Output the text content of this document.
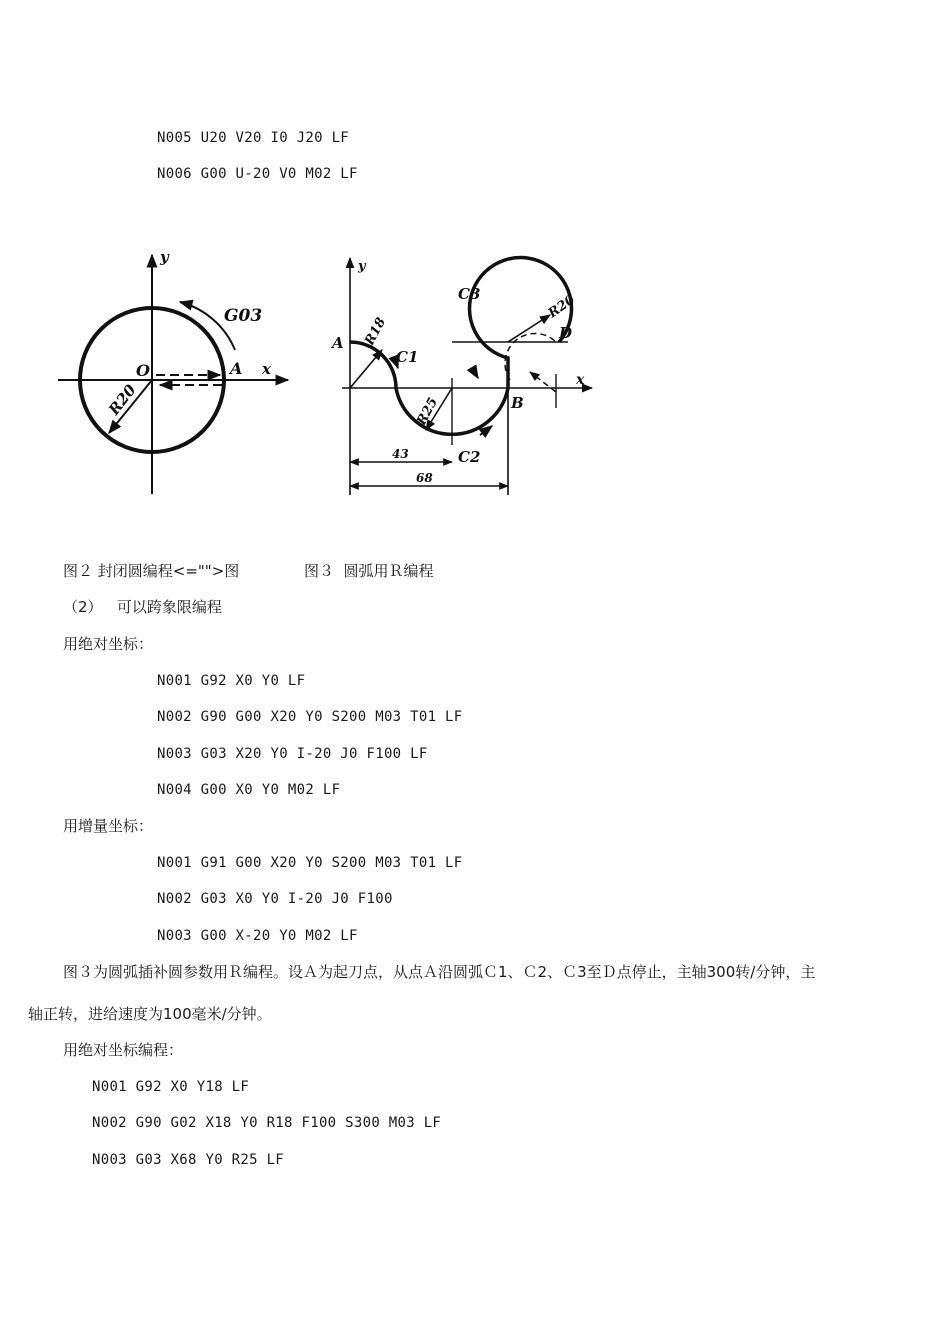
N005 U20 V20 I0 J20 LF
N006 G00 U-20 V0 M02 LF
y
x
O	A
G03
R20
y
x
A R18
C1
C3	R20
D
B
R25
C2
43
68
图２ 封闭圆编程<="">图	图３  圆弧用Ｒ编程
（2）   可以跨象限编程
用绝对坐标：
N001 G92 X0 Y0 LF
N002 G90 G00 X20 Y0 S200 M03 T01 LF
N003 G03 X20 Y0 I-20 J0 F100 LF
N004 G00 X0 Y0 M02 LF
用增量坐标：
N001 G91 G00 X20 Y0 S200 M03 T01 LF
N002 G03 X0 Y0 I-20 J0 F100
N003 G00 X-20 Y0 M02 LF
图３为圆弧插补圆参数用Ｒ编程。设Ａ为起刀点，从点Ａ沿圆弧Ｃ1、Ｃ2、Ｃ3至Ｄ点停止，主轴300转/分钟，主
轴正转，进给速度为100毫米/分钟。
用绝对坐标编程：
N001 G92 X0 Y18 LF
N002 G90 G02 X18 Y0 R18 F100 S300 M03 LF
N003 G03 X68 Y0 R25 LF
